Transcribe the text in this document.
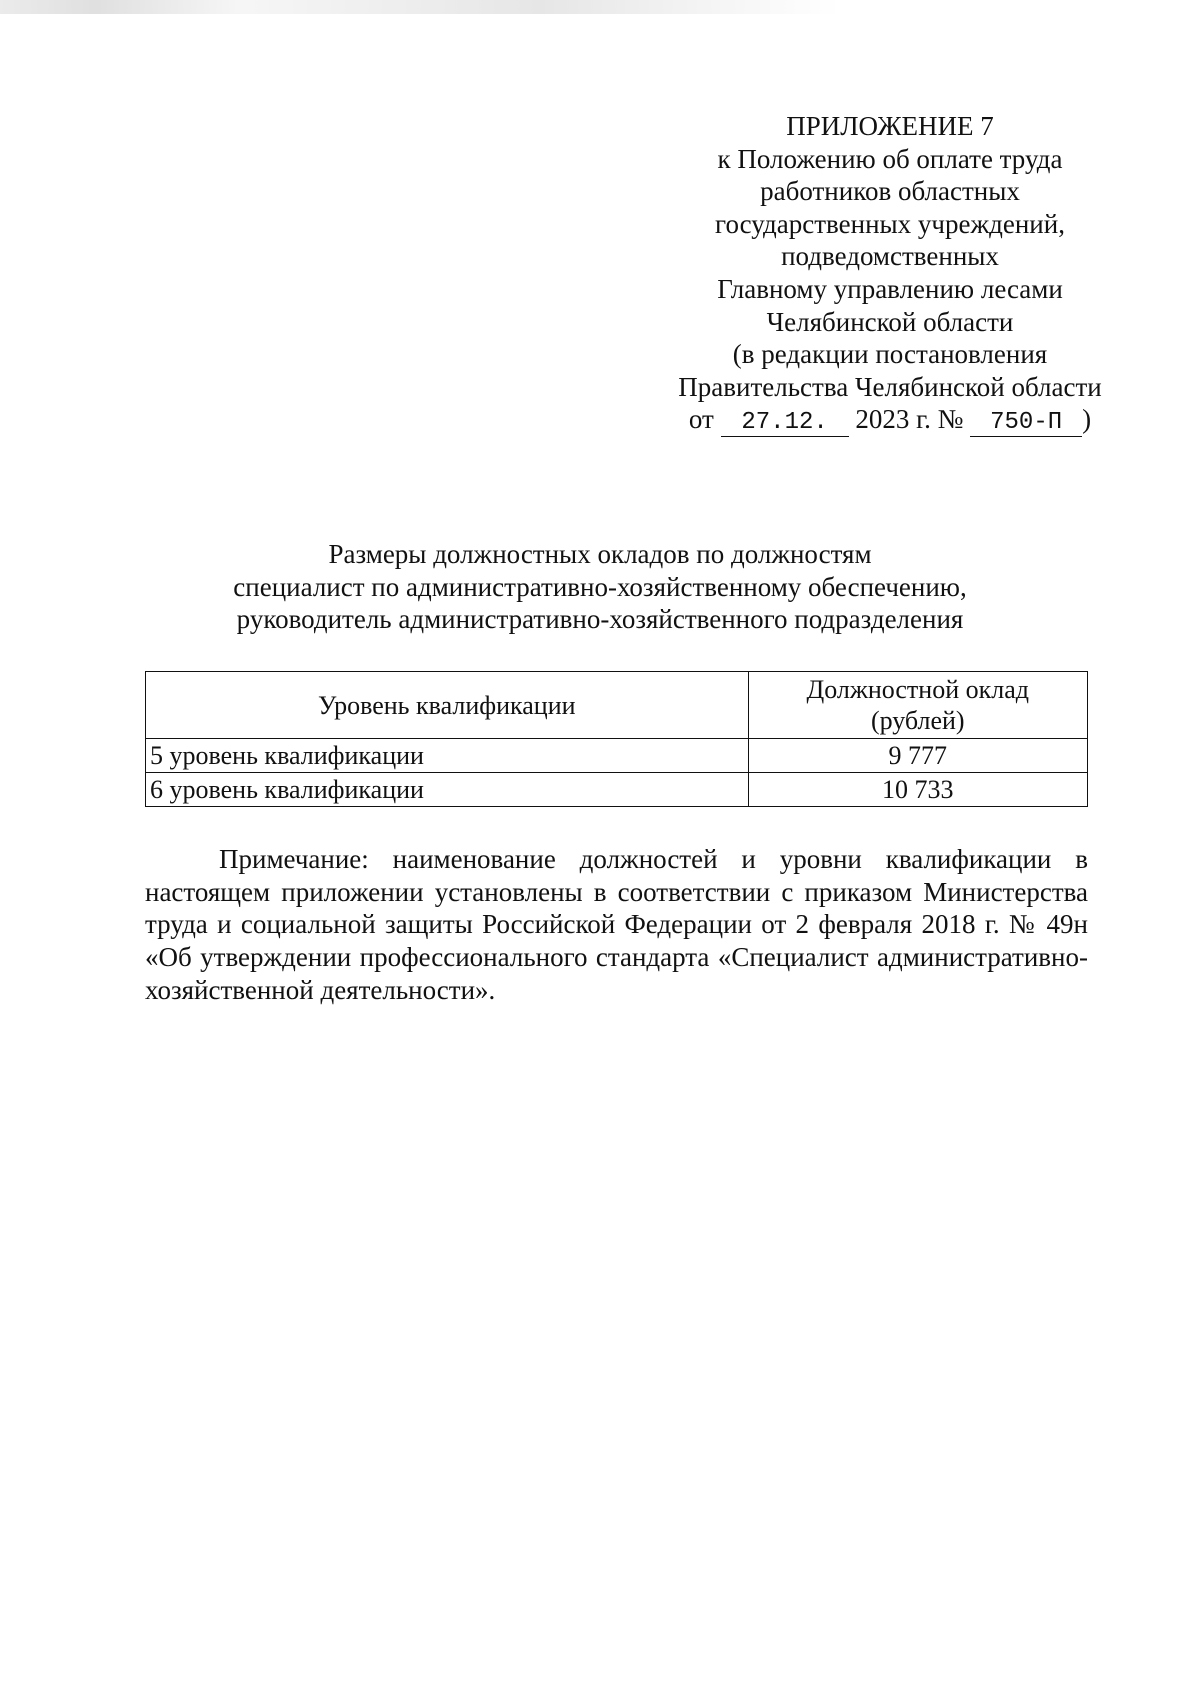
ПРИЛОЖЕНИЕ 7
к Положению об оплате труда
работников областных
государственных учреждений,
подведомственных
Главному управлению лесами
Челябинской области
(в редакции постановления
Правительства Челябинской области
от 27.12. 2023 г. № 750-П )
Размеры должностных окладов по должностям
специалист по административно-хозяйственному обеспечению,
руководитель административно-хозяйственного подразделения
Уровень квалификации	Должностной оклад
(рублей)
5 уровень квалификации	9 777
6 уровень квалификации	10 733

Примечание: наименование должностей и уровни квалификации в настоящем приложении установлены в соответствии с приказом Министерства труда и социальной защиты Российской Федерации от 2 февраля 2018 г. № 49н «Об утверждении профессионального стандарта «Специалист административно-хозяйственной деятельности».
